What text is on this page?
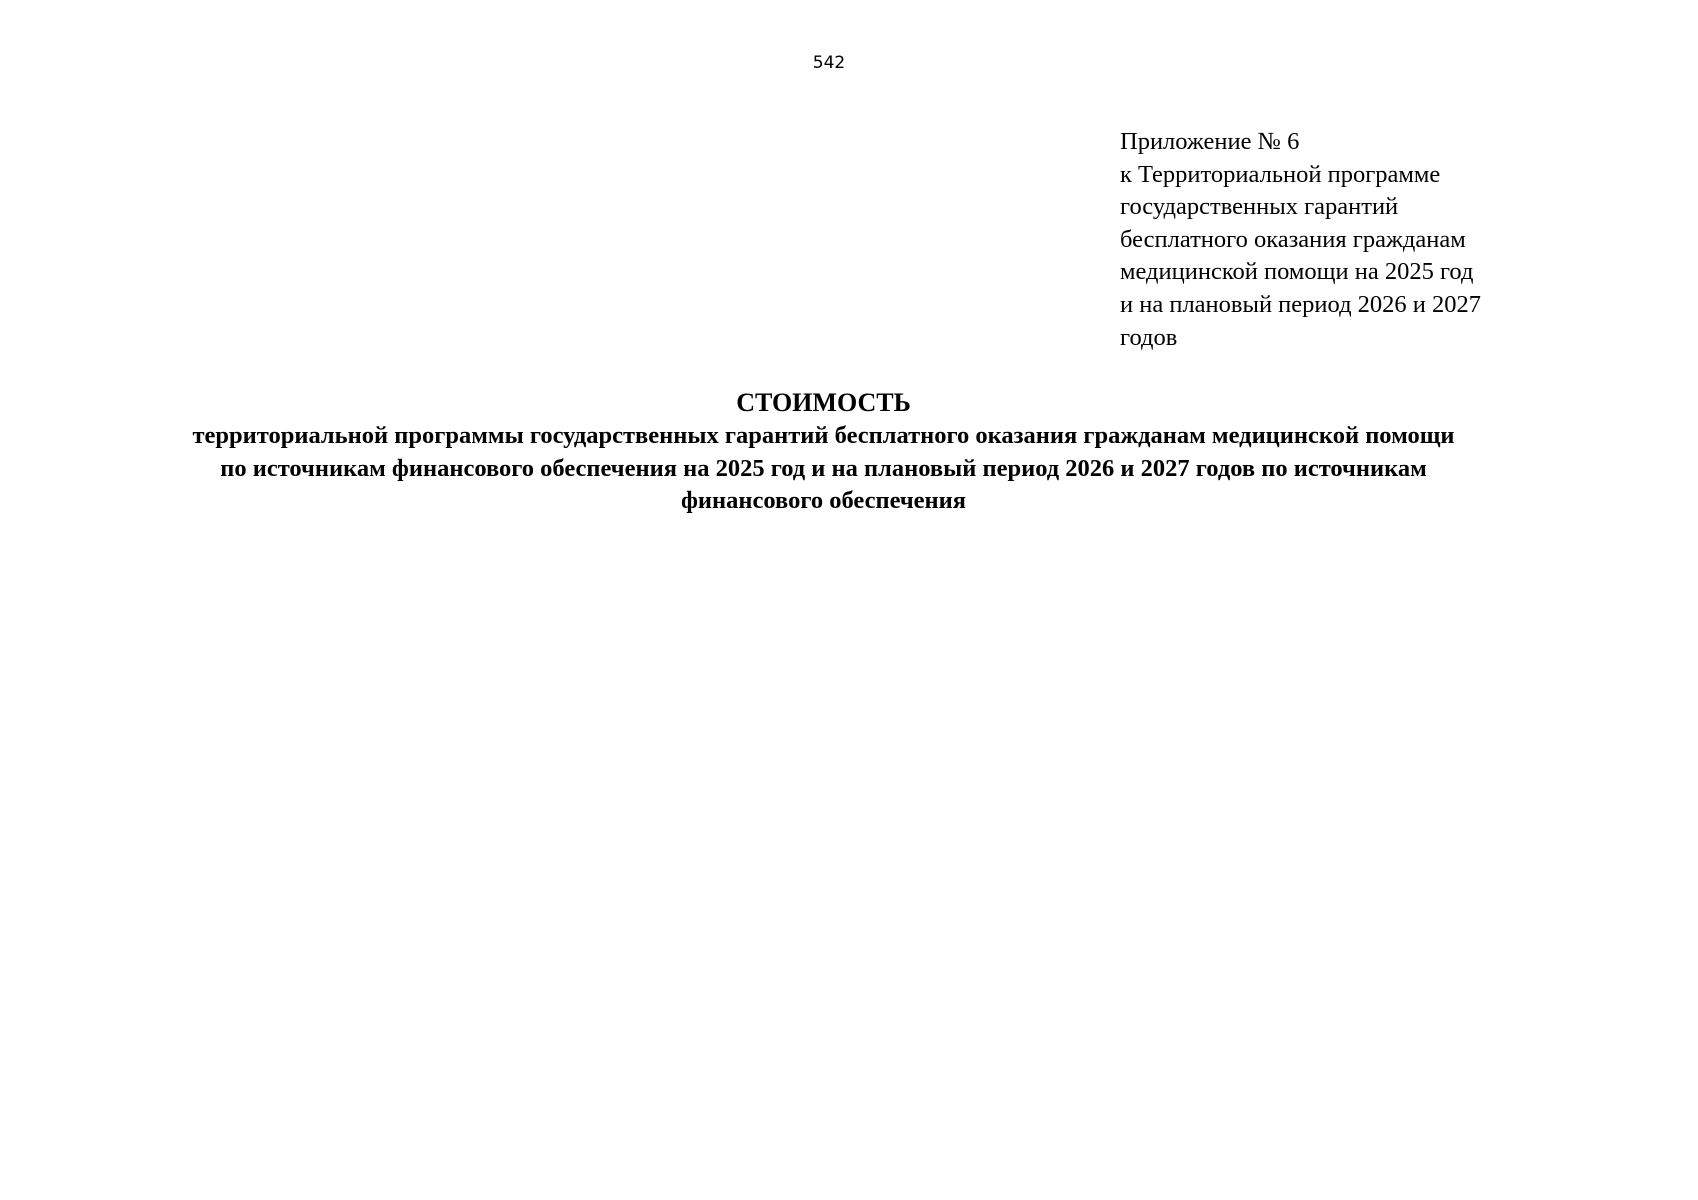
542
Приложение № 6
к Территориальной программе
государственных гарантий
бесплатного оказания гражданам
медицинской помощи на 2025 год
и на плановый период 2026 и 2027
годов
СТОИМОСТЬ
территориальной программы государственных гарантий бесплатного оказания гражданам медицинской помощи
по источникам финансового обеспечения на 2025 год и на плановый период 2026 и 2027 годов по источникам
финансового обеспечения
